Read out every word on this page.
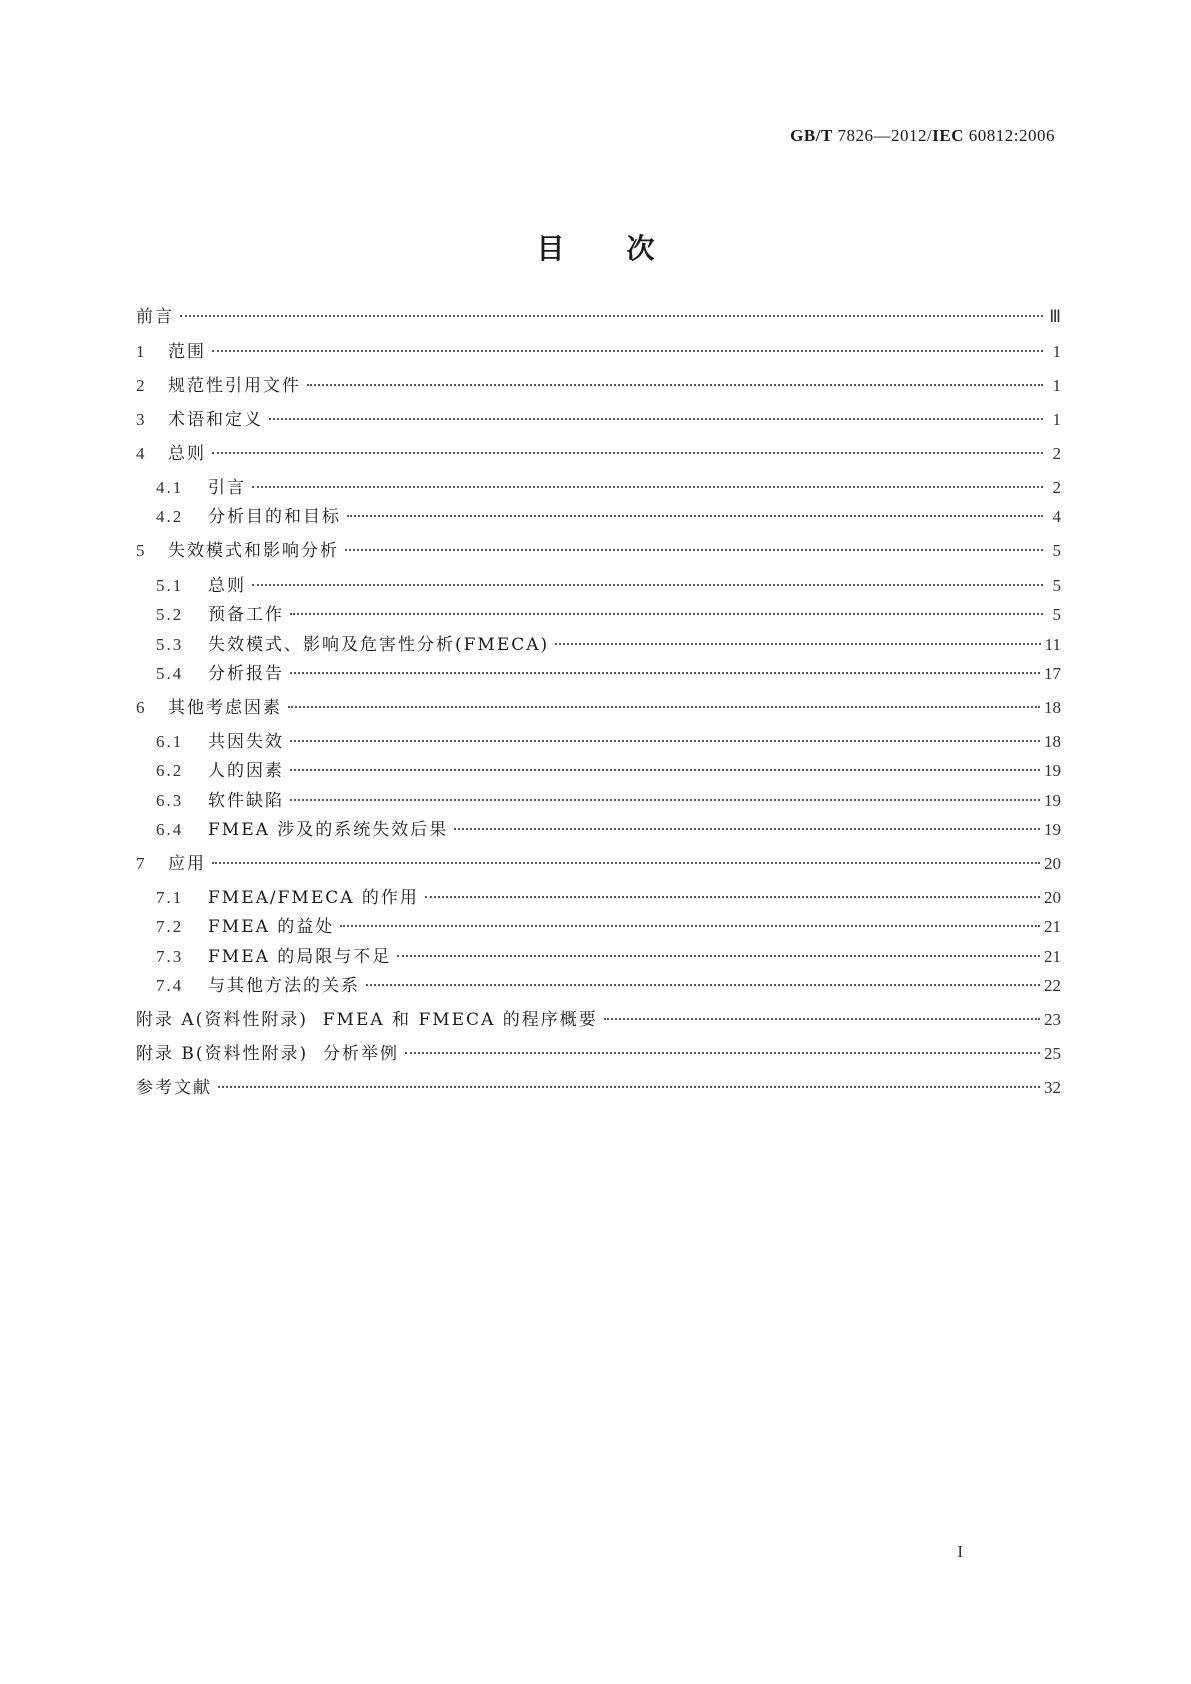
GB/T 7826—2012/IEC 60812:2006
目 次
前言	Ⅲ
1	范围	1
2	规范性引用文件	1
3	术语和定义	1
4	总则	2
4.1	引言	2
4.2	分析目的和目标	4
5	失效模式和影响分析	5
5.1	总则	5
5.2	预备工作	5
5.3	失效模式、影响及危害性分析(FMECA)	11
5.4	分析报告	17
6	其他考虑因素	18
6.1	共因失效	18
6.2	人的因素	19
6.3	软件缺陷	19
6.4	FMEA 涉及的系统失效后果	19
7	应用	20
7.1	FMEA/FMECA 的作用	20
7.2	FMEA 的益处	21
7.3	FMEA 的局限与不足	21
7.4	与其他方法的关系	22
附录 A(资料性附录)  FMEA 和 FMECA 的程序概要	23
附录 B(资料性附录)  分析举例	25
参考文献	32
I
